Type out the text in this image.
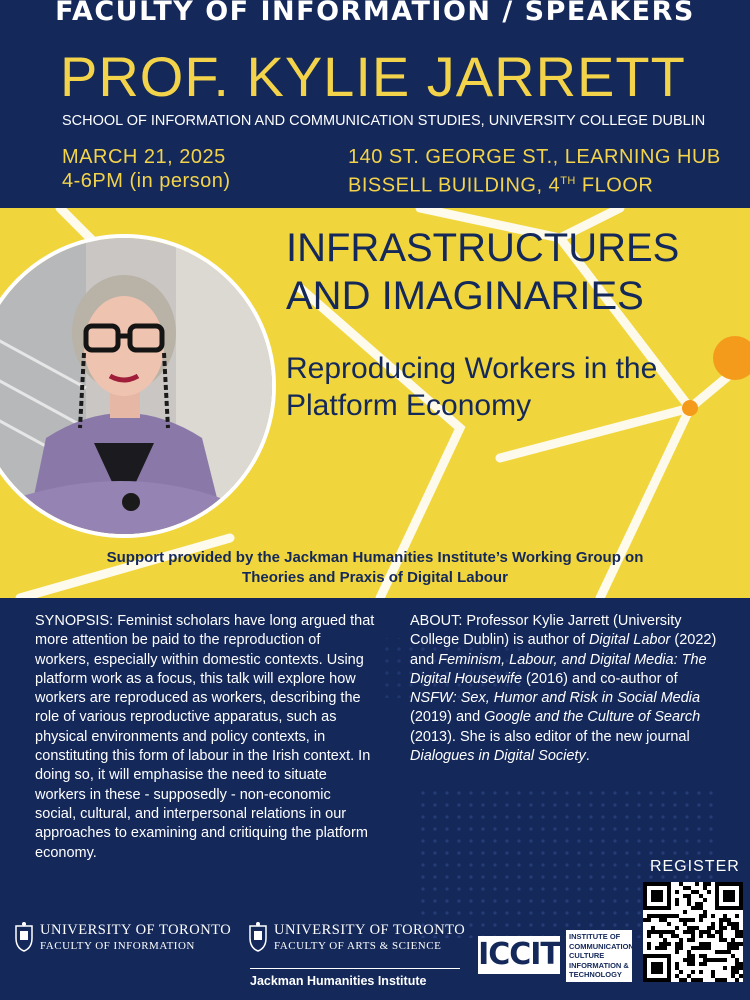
FACULTY OF INFORMATION / SPEAKERS
PROF. KYLIE JARRETT
SCHOOL OF INFORMATION AND COMMUNICATION STUDIES, UNIVERSITY COLLEGE DUBLIN
MARCH 21, 2025
4-6PM (in person)
140 ST. GEORGE ST., LEARNING HUB
BISSELL BUILDING, 4TH FLOOR
INFRASTRUCTURES
AND IMAGINARIES
Reproducing Workers in the
Platform Economy
Support provided by the Jackman Humanities Institute’s Working Group on
Theories and Praxis of Digital Labour
SYNOPSIS: Feminist scholars have long argued that more attention be paid to the reproduction of workers, especially within domestic contexts. Using platform work as a focus, this talk will explore how workers are reproduced as workers, describing the role of various reproductive apparatus, such as physical environments and policy contexts, in constituting this form of labour in the Irish context. In doing so, it will emphasise the need to situate workers in these - supposedly - non-economic social, cultural, and interpersonal relations in our approaches to examining and critiquing the platform economy.
ABOUT: Professor Kylie Jarrett (University College Dublin) is author of Digital Labor (2022) and Feminism, Labour, and Digital Media: The Digital Housewife (2016) and co-author of NSFW: Sex, Humor and Risk in Social Media (2019) and Google and the Culture of Search (2013). She is also editor of the new journal Dialogues in Digital Society.
REGISTER
UNIVERSITY OF TORONTO
FACULTY OF INFORMATION
UNIVERSITY OF TORONTO
FACULTY OF ARTS & SCIENCE
Jackman Humanities Institute
ICCIT
INSTITUTE OF COMMUNICATION CULTURE INFORMATION & TECHNOLOGY
